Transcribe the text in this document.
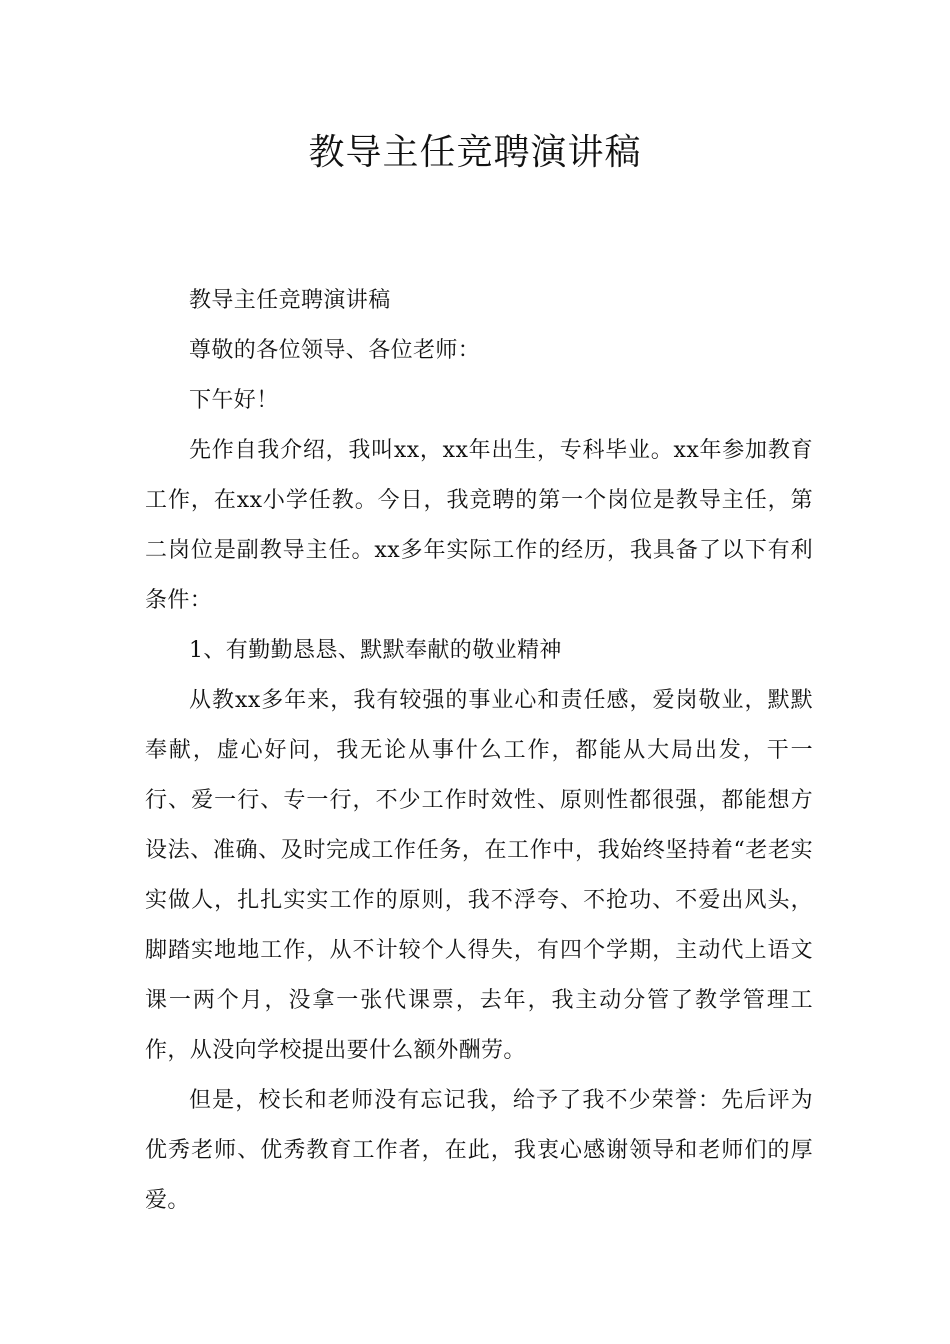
教导主任竞聘演讲稿

教导主任竞聘演讲稿

尊敬的各位领导、各位老师：

下午好！

先作自我介绍，我叫xx，xx年出生，专科毕业。xx年参加教育工作，在xx小学任教。今日，我竞聘的第一个岗位是教导主任，第二岗位是副教导主任。xx多年实际工作的经历，我具备了以下有利条件：

1、有勤勤恳恳、默默奉献的敬业精神

从教xx多年来，我有较强的事业心和责任感，爱岗敬业，默默奉献，虚心好问，我无论从事什么工作，都能从大局出发，干一行、爱一行、专一行，不少工作时效性、原则性都很强，都能想方设法、准确、及时完成工作任务，在工作中，我始终坚持着“老老实实做人，扎扎实实工作的原则，我不浮夸、不抢功、不爱出风头，脚踏实地地工作，从不计较个人得失，有四个学期，主动代上语文课一两个月，没拿一张代课票，去年，我主动分管了教学管理工作，从没向学校提出要什么额外酬劳。

但是，校长和老师没有忘记我，给予了我不少荣誉：先后评为优秀老师、优秀教育工作者，在此，我衷心感谢领导和老师们的厚爱。
